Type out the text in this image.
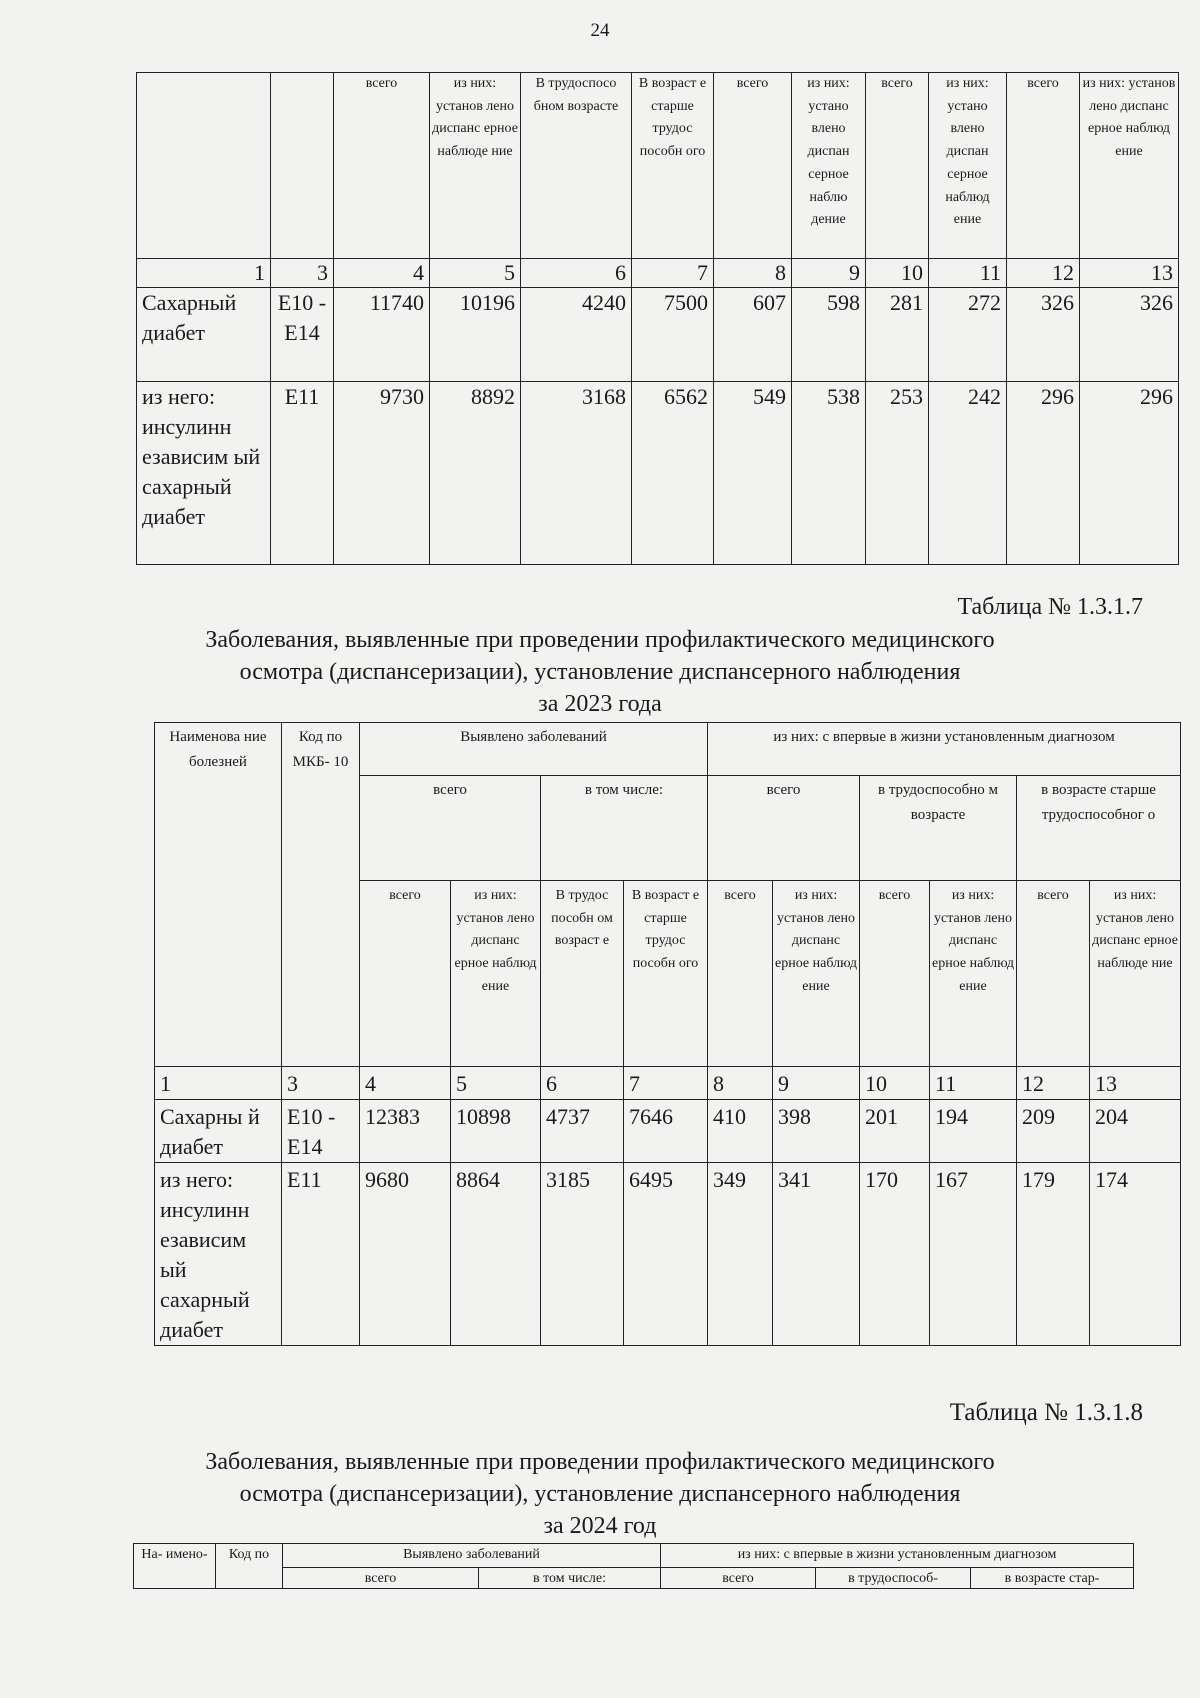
24
		всего	из них: установ лено диспанс ерное наблюде ние	В трудоспосо бном возрасте	В возраст е старше трудос пособн ого	всего	из них: устано влено диспан серное наблю дение	всего	из них: устано влено диспан серное наблюд ение	всего	из них: установ лено диспанс ерное наблюд ение
1	3	4	5	6	7	8	9	10	11	12	13
Сахарный диабет	E10 - E14	11740	10196	4240	7500	607	598	281	272	326	326
из него: инсулинн езависим ый сахарный диабет	E11	9730	8892	3168	6562	549	538	253	242	296	296
Таблица № 1.3.1.7
Заболевания, выявленные при проведении профилактического медицинского
осмотра (диспансеризации), установление диспансерного наблюдения
за 2023 года
Наименова ние болезней	Код по МКБ- 10	Выявлено заболеваний				из них: с впервые в жизни установленным диагнозом					
		всего		в том числе:		всего		в трудоспособно м возрасте		в возрасте старше трудоспособног о	
		всего	из них: установ лено диспанс ерное наблюд ение	В трудос пособн ом возраст е	В возраст е старше трудос пособн ого	всего	из них: установ лено диспанс ерное наблюд ение	всего	из них: установ лено диспанс ерное наблюд ение	всего	из них: установ лено диспанс ерное наблюде ние
1	3	4	5	6	7	8	9	10	11	12	13
Сахарны й диабет	E10 - E14	12383	10898	4737	7646	410	398	201	194	209	204
из него: инсулинн езависим ый сахарный диабет	E11	9680	8864	3185	6495	349	341	170	167	179	174
Таблица № 1.3.1.8
Заболевания, выявленные при проведении профилактического медицинского
осмотра (диспансеризации), установление диспансерного наблюдения
за 2024 год
На- имено-	Код по	Выявлено заболеваний		из них: с впервые в жизни установленным диагнозом		
		всего	в том числе:	всего	в трудоспособ-	в возрасте стар-
